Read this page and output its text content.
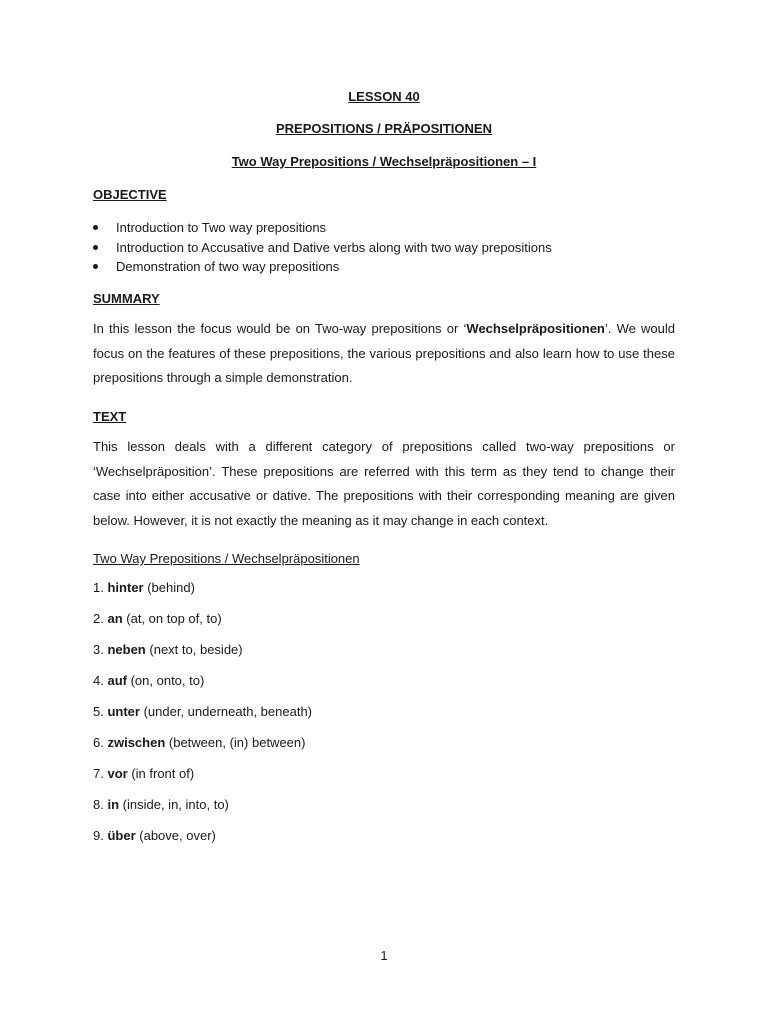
LESSON 40
PREPOSITIONS / PRÄPOSITIONEN
Two Way Prepositions / Wechselpräpositionen – I
OBJECTIVE
Introduction to Two way prepositions
Introduction to Accusative and Dative verbs along with two way prepositions
Demonstration of two way prepositions
SUMMARY

In this lesson the focus would be on Two-way prepositions or ‘Wechselpräpositionen’. We would focus on the features of these prepositions, the various prepositions and also learn how to use these prepositions through a simple demonstration.

TEXT

This lesson deals with a different category of prepositions called two-way prepositions or ‘Wechselpräposition’. These prepositions are referred with this term as they tend to change their case into either accusative or dative. The prepositions with their corresponding meaning are given below. However, it is not exactly the meaning as it may change in each context.

Two Way Prepositions / Wechselpräpositionen
1. hinter (behind)
2. an (at, on top of, to)
3. neben (next to, beside)
4. auf (on, onto, to)
5. unter (under, underneath, beneath)
6. zwischen (between, (in) between)
7. vor (in front of)
8. in (inside, in, into, to)
9. über (above, over)
1
